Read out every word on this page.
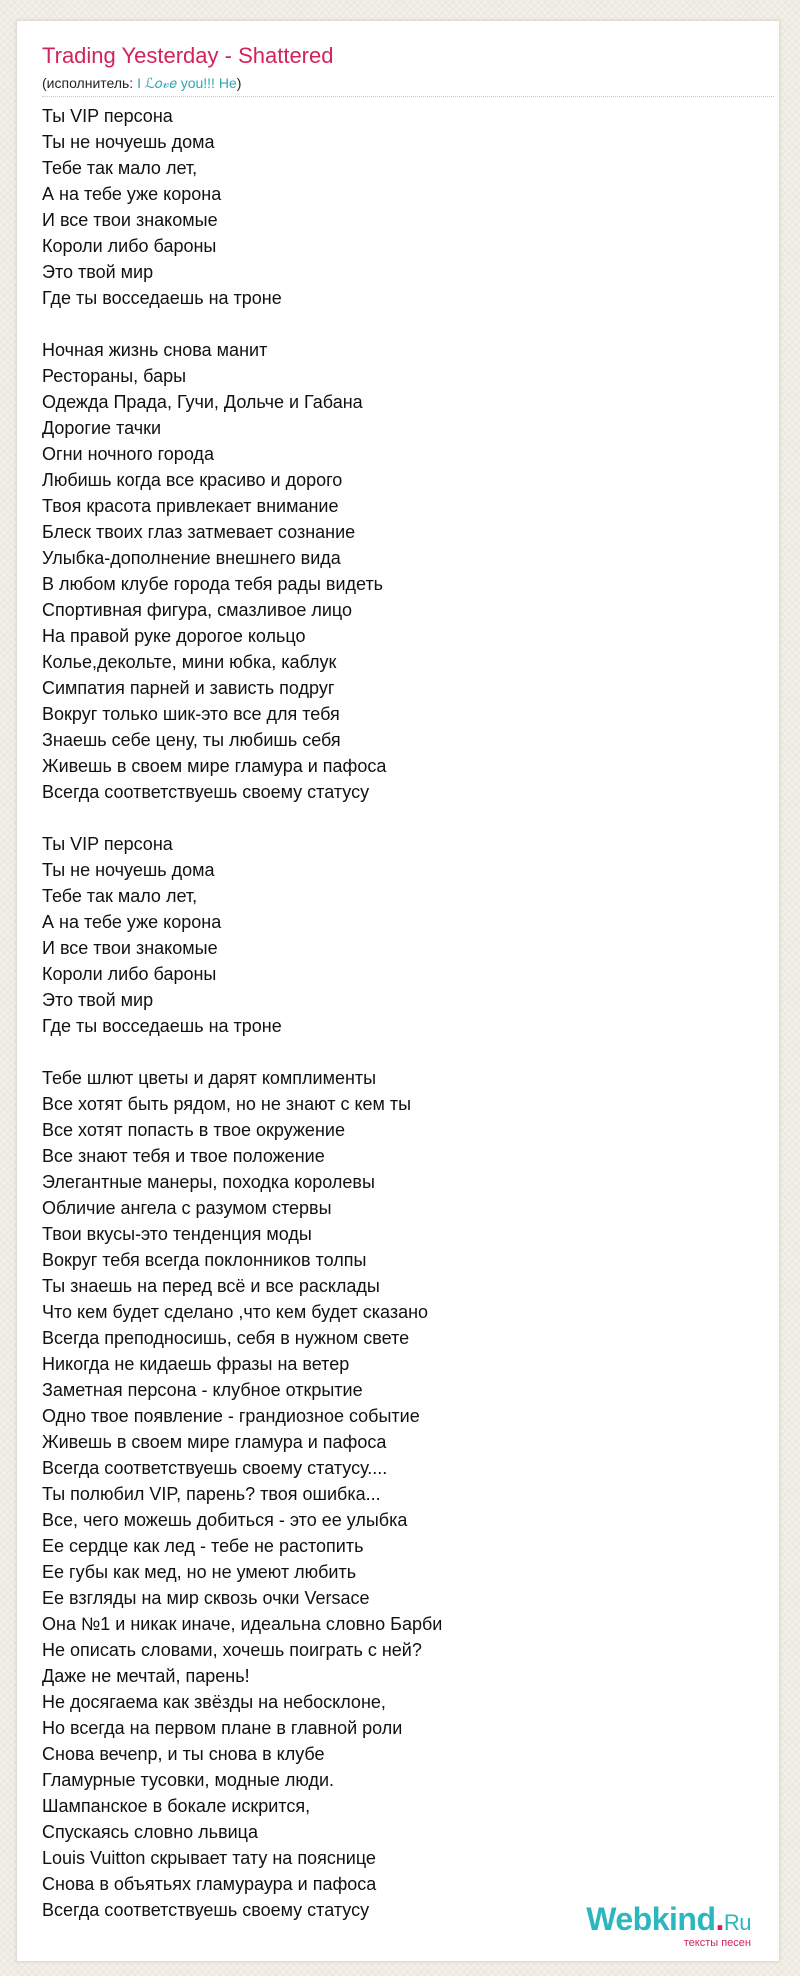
Trading Yesterday - Shattered
(исполнитель: I ℒ𝑜𝓋𝑒 you!!! Не)
Ты VIP персона
Ты не ночуешь дома
Тебе так мало лет,
А на тебе уже корона
И все твои знакомые
Короли либо бароны
Это твой мир
Где ты восседаешь на троне
Ночная жизнь снова манит
Рестораны, бары
Одежда Прада, Гучи, Дольче и Габана
Дорогие тачки
Огни ночного города
Любишь когда все красиво и дорого
Твоя красота привлекает внимание
Блеск твоих глаз затмевает сознание
Улыбка-дополнение внешнего вида
В любом клубе города тебя рады видеть
Спортивная фигура, смазливое лицо
На правой руке дорогое кольцо
Колье,декольте, мини юбка, каблук
Симпатия парней и зависть подруг
Вокруг только шик-это все для тебя
Знаешь себе цену, ты любишь себя
Живешь в своем мире гламура и пафоса
Всегда соответствуешь своему статусу
Ты VIP персона
Ты не ночуешь дома
Тебе так мало лет,
А на тебе уже корона
И все твои знакомые
Короли либо бароны
Это твой мир
Где ты восседаешь на троне
Тебе шлют цветы и дарят комплименты
Все хотят быть рядом, но не знают с кем ты
Все хотят попасть в твое окружение
Все знают тебя и твое положение
Элегантные манеры, походка королевы
Обличие ангела с разумом стервы
Твои вкусы-это тенденция моды
Вокруг тебя всегда поклонников толпы
Ты знаешь на перед всё и все расклады
Что кем будет сделано ,что кем будет сказано
Всегда преподносишь, себя в нужном свете
Никогда не кидаешь фразы на ветер
Заметная персона - клубное открытие
Одно твое появление - грандиозное событие
Живешь в своем мире гламура и пафоса
Всегда соответствуешь своему статусу....
Ты полюбил VIP, парень? твоя ошибка...
Все, чего можешь добиться - это ее улыбка
Ее сердце как лед - тебе не растопить
Ее губы как мед, но не умеют любить
Ее взгляды на мир сквозь очки Versace
Она №1 и никак иначе, идеальна словно Барби
Не описать словами, хочешь поиграть с ней?
Даже не мечтай, парень!
Не досягаема как звёзды на небосклоне,
Но всегда на первом плане в главной роли
Снова вечеnр, и ты снова в клубе
Гламурные тусовки, модные люди.
Шампанское в бокале искрится,
Спускаясь словно львица
Louis Vuitton скрывает тату на пояснице
Снова в объятьях гламураура и пафоса
Всегда соответствуешь своему статусу	Webkind.Ru
тексты песен
